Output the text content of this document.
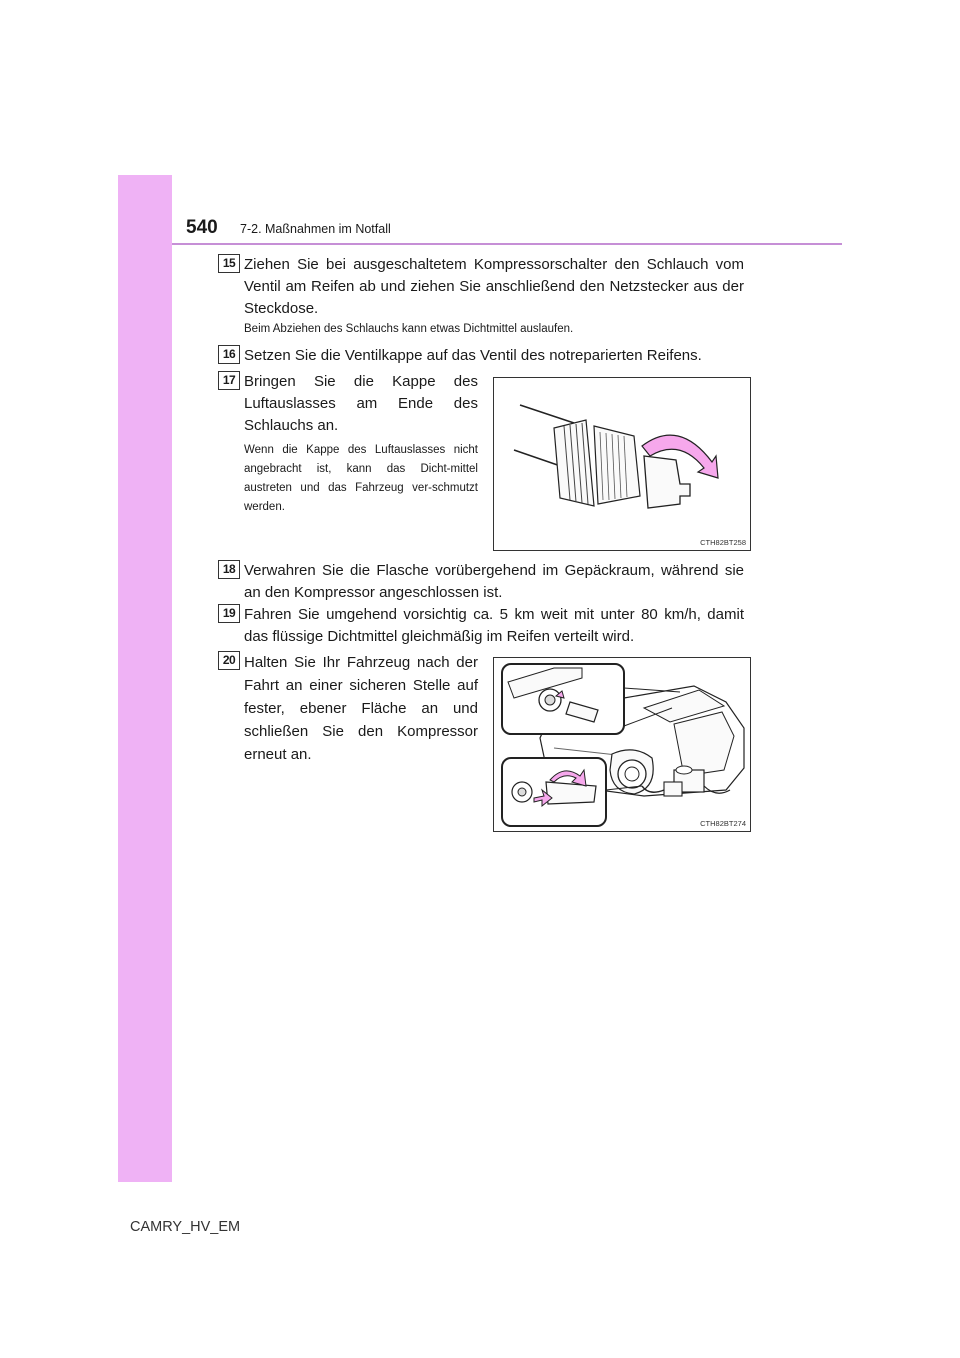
540 7-2. Maßnahmen im Notfall
15 Ziehen Sie bei ausgeschaltetem Kompressorschalter den Schlauch vom Ventil am Reifen ab und ziehen Sie anschließend den Netzstecker aus der Steckdose.
Beim Abziehen des Schlauchs kann etwas Dichtmittel auslaufen.
16 Setzen Sie die Ventilkappe auf das Ventil des notreparierten Reifens.
17 Bringen Sie die Kappe des Luftauslasses am Ende des Schlauchs an.
Wenn die Kappe des Luftauslasses nicht angebracht ist, kann das Dicht-mittel austreten und das Fahrzeug ver-schmutzt werden.
CTH82BT258
18 Verwahren Sie die Flasche vorübergehend im Gepäckraum, während sie an den Kompressor angeschlossen ist.
19 Fahren Sie umgehend vorsichtig ca. 5 km weit mit unter 80 km/h, damit das flüssige Dichtmittel gleichmäßig im Reifen verteilt wird.
20 Halten Sie Ihr Fahrzeug nach der Fahrt an einer sicheren Stelle auf fester, ebener Fläche an und schließen Sie den Kompressor erneut an.
CTH82BT274
CAMRY_HV_EM
